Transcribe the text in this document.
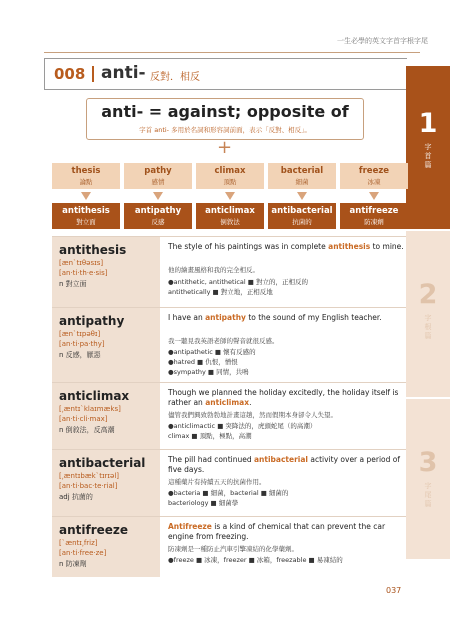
一生必學的英文字首字根字尾
008 anti- 反對．相反
1
字首篇
2
字根篇
3
字尾篇
anti- = against; opposite of
字首 anti- 多用於名詞和形容詞前面，表示「反對、相反」。
+
thesis
論點
pathy
感情
climax
頂點
bacterial
細菌
freeze
冰凍
antithesis
對立面
antipathy
反感
anticlimax
倒敘法
antibacterial
抗菌的
antifreeze
防凍劑
antithesis
[æn`tɪθəsɪs]
[an·ti·th·e·sis]
n 對立面
The style of his paintings was in complete antithesis to mine.
他的繪畫風格和我的完全相反。
●antithetic, antithetical ■ 對立的，正相反的
antithetically ■ 對立地，正相反地
antipathy
[æn`tɪpəθɪ]
[an·ti·pa·thy]
n 反感，厭惡
I have an antipathy to the sound of my English teacher.
我一聽見我英語老師的聲音就很反感。
●antipathetic ■ 懷有反感的
●hatred ■ 仇恨，憎恨
●sympathy ■ 同情，共鳴
anticlimax
[͵æntɪ`klaɪmæks]
[an·ti·cli·max]
n 倒敘法，反高潮
Though we planned the holiday excitedly, the holiday itself is rather an anticlimax.
儘管我們興致勃勃地計畫這趟，然而假期本身卻令人失望。
●anticlimactic ■ 突降法的，虎頭蛇尾（的高潮）
climax ■ 頂點，極點，高潮
antibacterial
[͵æntɪbæk`tɪrɪəl]
[an·ti·bac·te·rial]
adj 抗菌的
The pill had continued antibacterial activity over a period of five days.
這種藥片有持續五天的抗菌作用。
●bacteria ■ 細菌，bacterial ■ 細菌的
bacteriology ■ 細菌學
antifreeze
[`æntɪ͵friz]
[an·ti·free·ze]
n 防凍劑
Antifreeze is a kind of chemical that can prevent the car engine from freezing.
防凍劑是一種防止汽車引擎凍結的化學藥劑。
●freeze ■ 冰凍，freezer ■ 冰箱，freezable ■ 易凍結的
037
